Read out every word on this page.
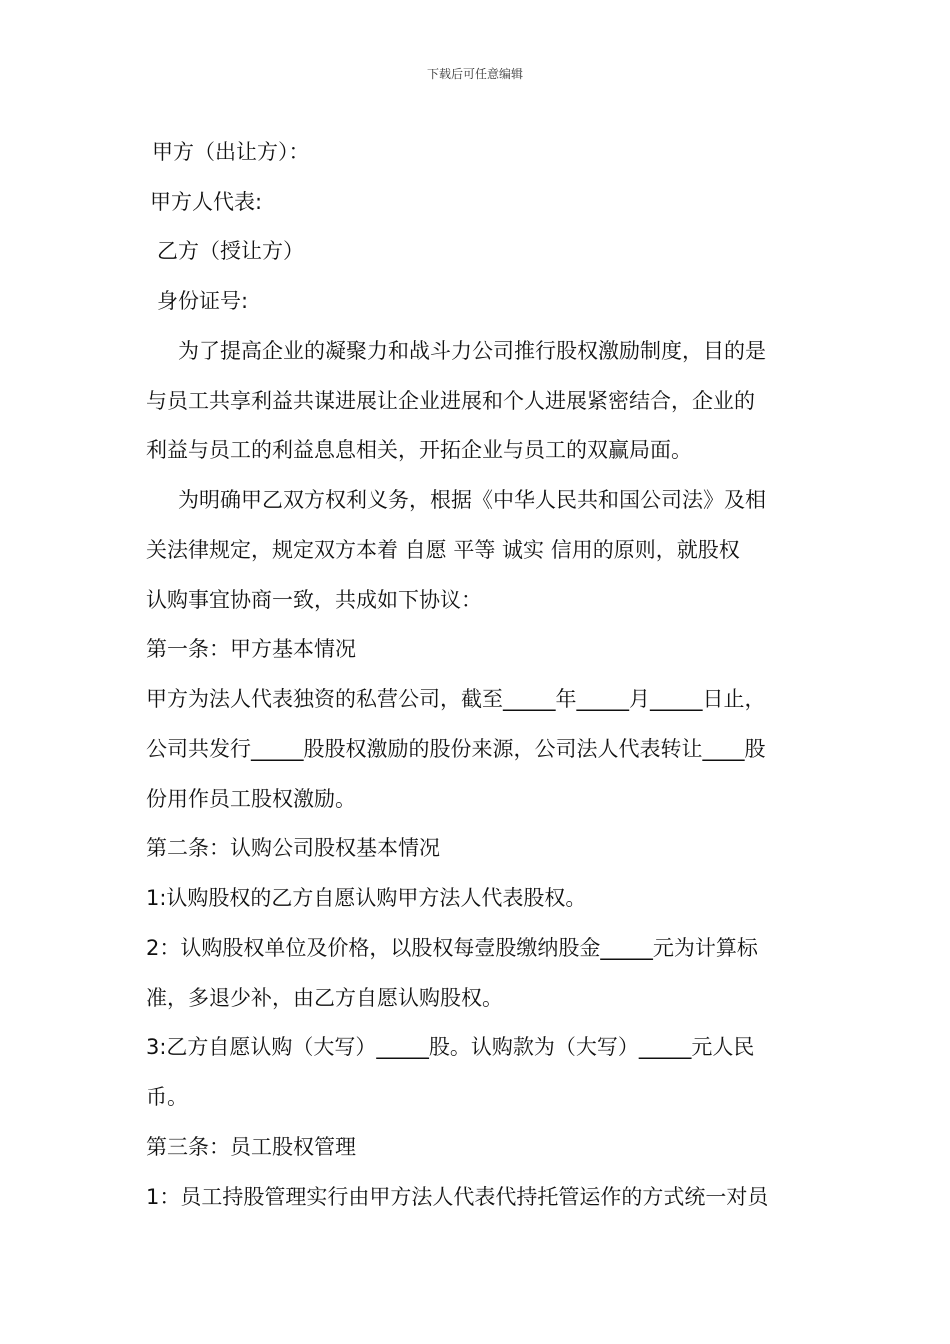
下载后可任意编辑
甲方（出让方）：
甲方人代表:
乙方（授让方）
身份证号:
为了提高企业的凝聚力和战斗力公司推行股权激励制度，目的是
与员工共享利益共谋进展让企业进展和个人进展紧密结合，企业的
利益与员工的利益息息相关，开拓企业与员工的双赢局面。
为明确甲乙双方权利义务，根据《中华人民共和国公司法》及相
关法律规定，规定双方本着 自愿 平等 诚实 信用的原则，就股权
认购事宜协商一致，共成如下协议：
第一条：甲方基本情况
甲方为法人代表独资的私营公司，截至_____年_____月_____日止，
公司共发行_____股股权激励的股份来源，公司法人代表转让____股
份用作员工股权激励。
第二条：认购公司股权基本情况
1:认购股权的乙方自愿认购甲方法人代表股权。
2：认购股权单位及价格，以股权每壹股缴纳股金_____元为计算标
准，多退少补，由乙方自愿认购股权。
3:乙方自愿认购（大写）_____股。认购款为（大写）_____元人民
币。
第三条：员工股权管理
1：员工持股管理实行由甲方法人代表代持托管运作的方式统一对员
